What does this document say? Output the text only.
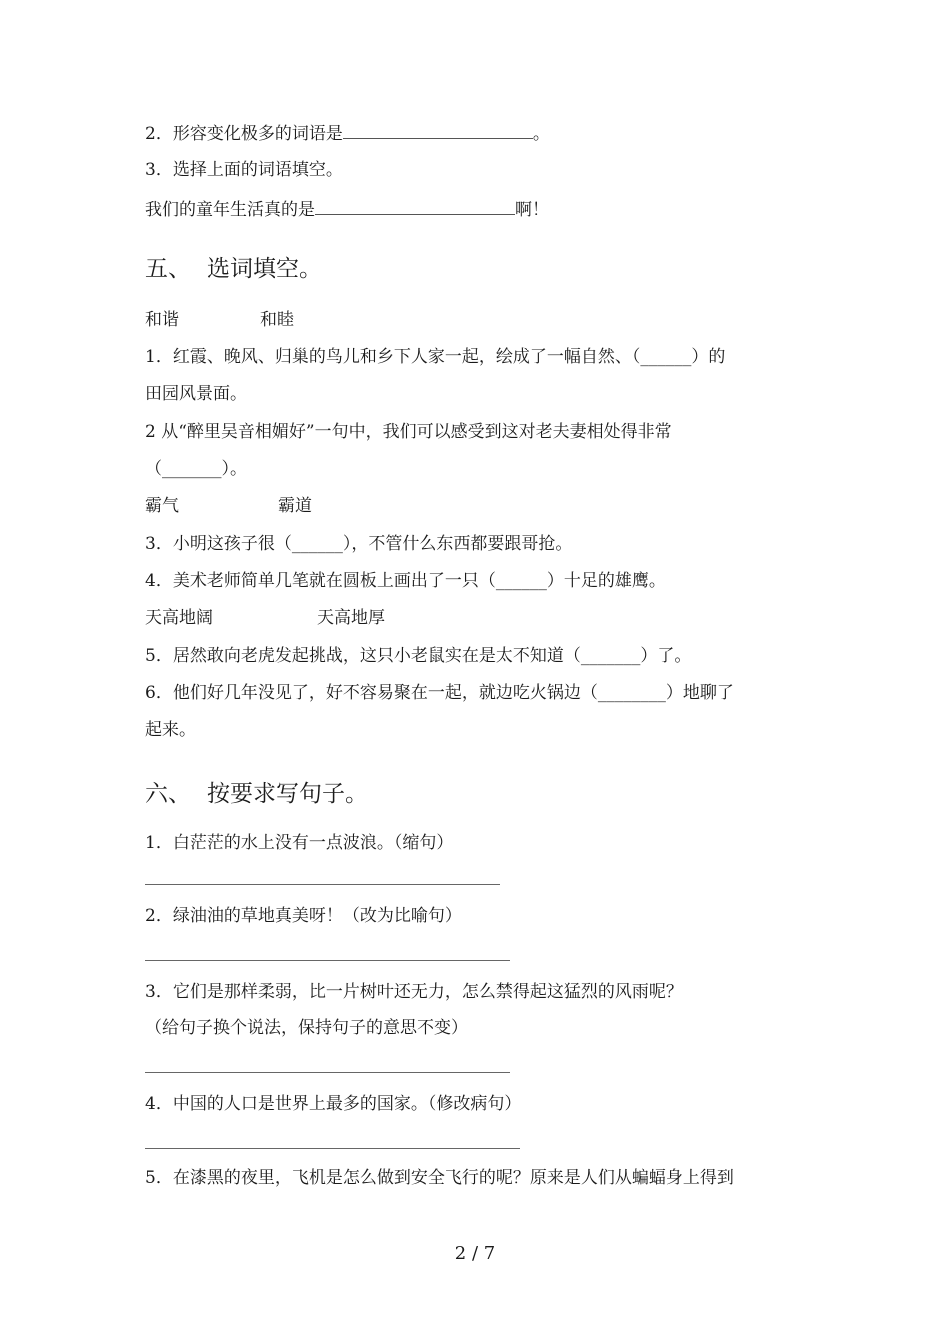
2．形容变化极多的词语是	。
3．选择上面的词语填空。
我们的童年生活真的是	啊！
五、 选词填空。
和谐	和睦
1．红霞、晚风、归巢的鸟儿和乡下人家一起，绘成了一幅自然、（______）的
田园风景面。
2 从“醉里吴音相媚好”一句中，我们可以感受到这对老夫妻相处得非常
（_______）。
霸气	霸道
3．小明这孩子很（______），不管什么东西都要跟哥抢。
4．美术老师简单几笔就在圆板上画出了一只（______）十足的雄鹰。
天高地阔	天高地厚
5．居然敢向老虎发起挑战，这只小老鼠实在是太不知道（_______）了。
6．他们好几年没见了，好不容易聚在一起，就边吃火锅边（________）地聊了
起来。
六、 按要求写句子。
1．白茫茫的水上没有一点波浪。（缩句）
2．绿油油的草地真美呀！（改为比喻句）
3．它们是那样柔弱，比一片树叶还无力，怎么禁得起这猛烈的风雨呢？
（给句子换个说法，保持句子的意思不变）
4．中国的人口是世界上最多的国家。（修改病句）
5．在漆黑的夜里，飞机是怎么做到安全飞行的呢？原来是人们从蝙蝠身上得到
2 / 7
